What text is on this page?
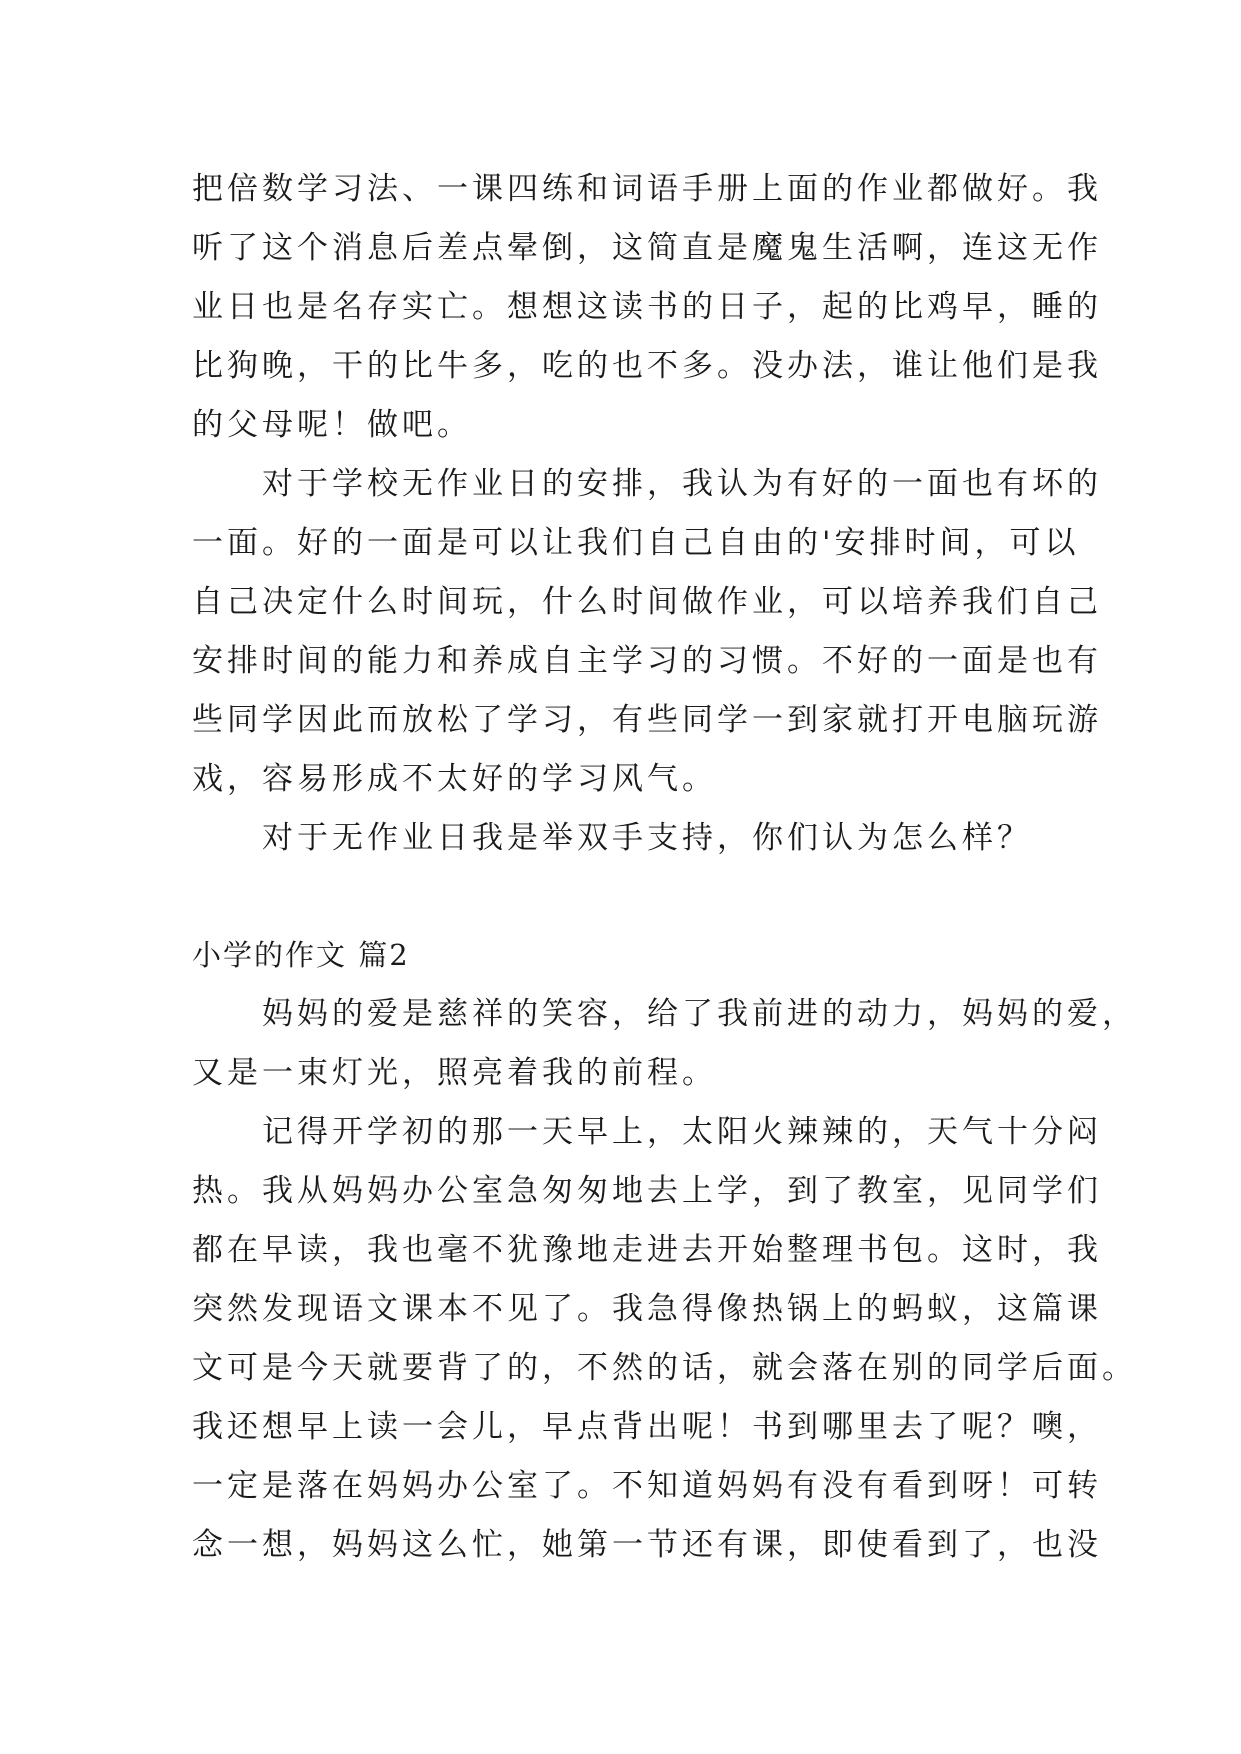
把倍数学习法、一课四练和词语手册上面的作业都做好。我
听了这个消息后差点晕倒，这简直是魔鬼生活啊，连这无作
业日也是名存实亡。想想这读书的日子，起的比鸡早，睡的
比狗晚，干的比牛多，吃的也不多。没办法，谁让他们是我
的父母呢！做吧。
对于学校无作业日的安排，我认为有好的一面也有坏的
一面。好的一面是可以让我们自己自由的'安排时间，可以
自己决定什么时间玩，什么时间做作业，可以培养我们自己
安排时间的能力和养成自主学习的习惯。不好的一面是也有
些同学因此而放松了学习，有些同学一到家就打开电脑玩游
戏，容易形成不太好的学习风气。
对于无作业日我是举双手支持，你们认为怎么样？
小学的作文 篇2
妈妈的爱是慈祥的笑容，给了我前进的动力，妈妈的爱，
又是一束灯光，照亮着我的前程。
记得开学初的那一天早上，太阳火辣辣的，天气十分闷
热。我从妈妈办公室急匆匆地去上学，到了教室，见同学们
都在早读，我也毫不犹豫地走进去开始整理书包。这时，我
突然发现语文课本不见了。我急得像热锅上的蚂蚁，这篇课
文可是今天就要背了的，不然的话，就会落在别的同学后面。
我还想早上读一会儿，早点背出呢！书到哪里去了呢？噢，
一定是落在妈妈办公室了。不知道妈妈有没有看到呀！可转
念一想，妈妈这么忙，她第一节还有课，即使看到了，也没
